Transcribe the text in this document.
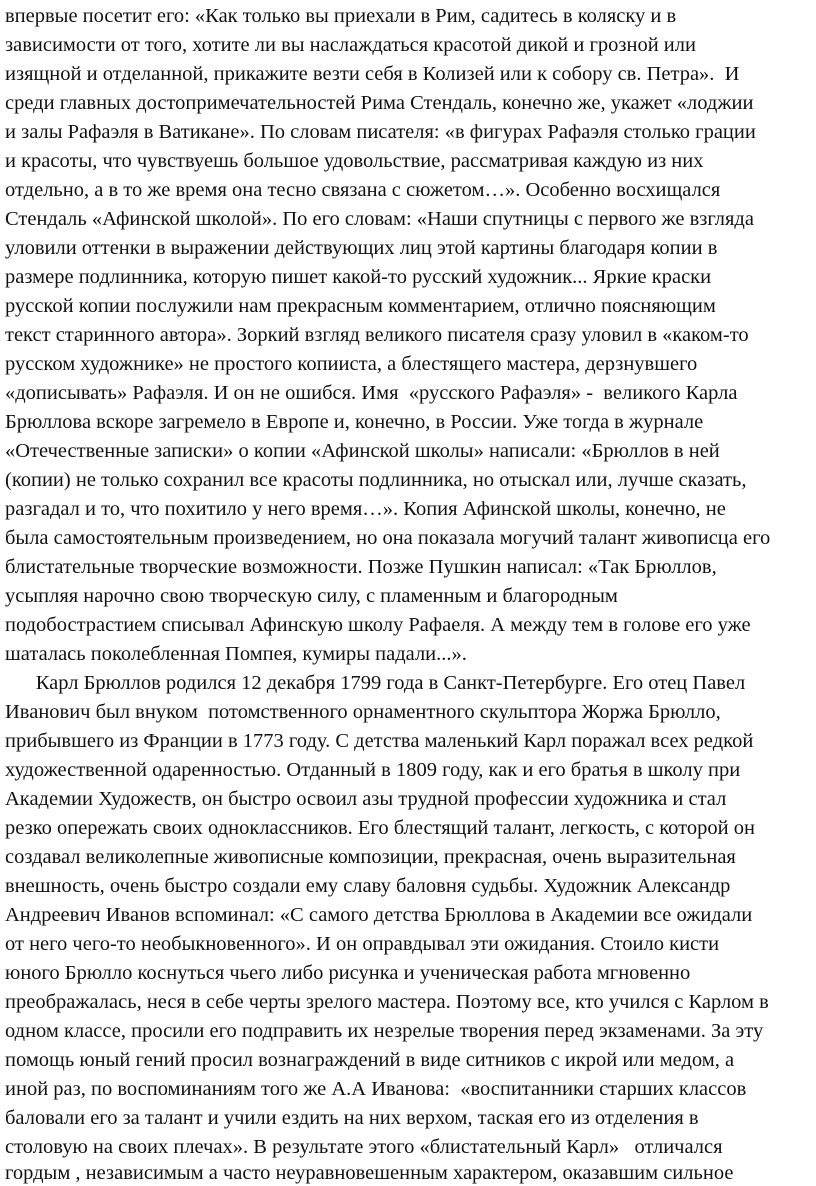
впервые посетит его: «Как только вы приехали в Рим, садитесь в коляску и в
зависимости от того, хотите ли вы наслаждаться красотой дикой и грозной или
изящной и отделанной, прикажите везти себя в Колизей или к собору св. Петра».  И
среди главных достопримечательностей Рима Стендаль, конечно же, укажет «лоджии
и залы Рафаэля в Ватикане». По словам писателя: «в фигурах Рафаэля столько грации
и красоты, что чувствуешь большое удовольствие, рассматривая каждую из них
отдельно, а в то же время она тесно связана с сюжетом…». Особенно восхищался
Стендаль «Афинской школой». По его словам: «Наши спутницы с первого же взгляда
уловили оттенки в выражении действующих лиц этой картины благодаря копии в
размере подлинника, которую пишет какой-то русский художник... Яркие краски
русской копии послужили нам прекрасным комментарием, отлично поясняющим
текст старинного автора». Зоркий взгляд великого писателя сразу уловил в «каком-то
русском художнике» не простого копииста, а блестящего мастера, дерзнувшего
«дописывать» Рафаэля. И он не ошибся. Имя  «русского Рафаэля» -  великого Карла
Брюллова вскоре загремело в Европе и, конечно, в России. Уже тогда в журнале
«Отечественные записки» о копии «Афинской школы» написали: «Брюллов в ней
(копии) не только сохранил все красоты подлинника, но отыскал или, лучше сказать,
разгадал и то, что похитило у него время…». Копия Афинской школы, конечно, не
была самостоятельным произведением, но она показала могучий талант живописца его
блистательные творческие возможности. Позже Пушкин написал: «Так Брюллов,
усыпляя нарочно свою творческую силу, с пламенным и благородным
подобострастием списывал Афинскую школу Рафаеля. А между тем в голове его уже
шаталась поколебленная Помпея, кумиры падали...».
Карл Брюллов родился 12 декабря 1799 года в Санкт-Петербурге. Его отец Павел
Иванович был внуком  потомственного орнаментного скульптора Жоржа Брюлло,
прибывшего из Франции в 1773 году. С детства маленький Карл поражал всех редкой
художественной одаренностью. Отданный в 1809 году, как и его братья в школу при
Академии Художеств, он быстро освоил азы трудной профессии художника и стал
резко опережать своих одноклассников. Его блестящий талант, легкость, с которой он
создавал великолепные живописные композиции, прекрасная, очень выразительная
внешность, очень быстро создали ему славу баловня судьбы. Художник Александр
Андреевич Иванов вспоминал: «С самого детства Брюллова в Академии все ожидали
от него чего-то необыкновенного». И он оправдывал эти ожидания. Стоило кисти
юного Брюлло коснуться чьего либо рисунка и ученическая работа мгновенно
преображалась, неся в себе черты зрелого мастера. Поэтому все, кто учился с Карлом в
одном классе, просили его подправить их незрелые творения перед экзаменами. За эту
помощь юный гений просил вознаграждений в виде ситников с икрой или медом, а
иной раз, по воспоминаниям того же А.А Иванова:  «воспитанники старших классов
баловали его за талант и учили ездить на них верхом, таская его из отделения в
столовую на своих плечах». В результате этого «блистательный Карл»   отличался
гордым , независимым а часто неуравновешенным характером, оказавшим сильное
